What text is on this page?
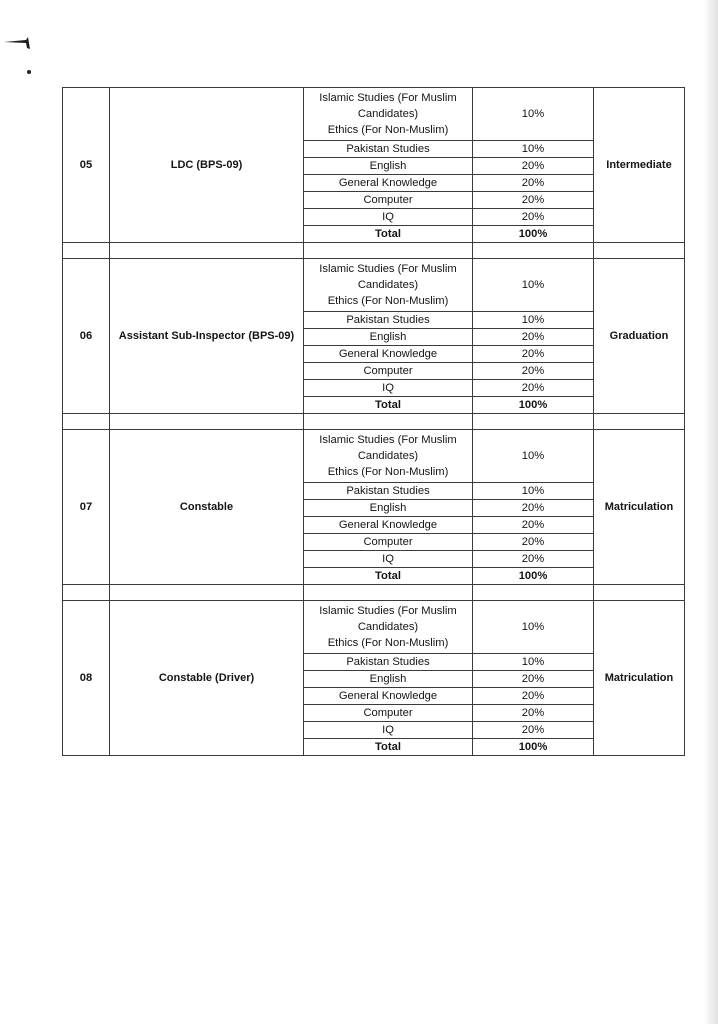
05	LDC (BPS-09)	Islamic Studies (For Muslim
Candidates)
Ethics (For Non-Muslim)	10%	Intermediate

		Pakistan Studies	10%	

		English	20%	

		General Knowledge	20%	

		Computer	20%	

		IQ	20%	

		Total	100%	

06	Assistant Sub-Inspector (BPS-09)	Islamic Studies (For Muslim
Candidates)
Ethics (For Non-Muslim)	10%	Graduation

		Pakistan Studies	10%	

		English	20%	

		General Knowledge	20%	

		Computer	20%	

		IQ	20%	

		Total	100%	

07	Constable	Islamic Studies (For Muslim
Candidates)
Ethics (For Non-Muslim)	10%	Matriculation

		Pakistan Studies	10%	

		English	20%	

		General Knowledge	20%	

		Computer	20%	

		IQ	20%	

		Total	100%	

08	Constable (Driver)	Islamic Studies (For Muslim
Candidates)
Ethics (For Non-Muslim)	10%	Matriculation

		Pakistan Studies	10%	

		English	20%	

		General Knowledge	20%	

		Computer	20%	

		IQ	20%	

		Total	100%	
